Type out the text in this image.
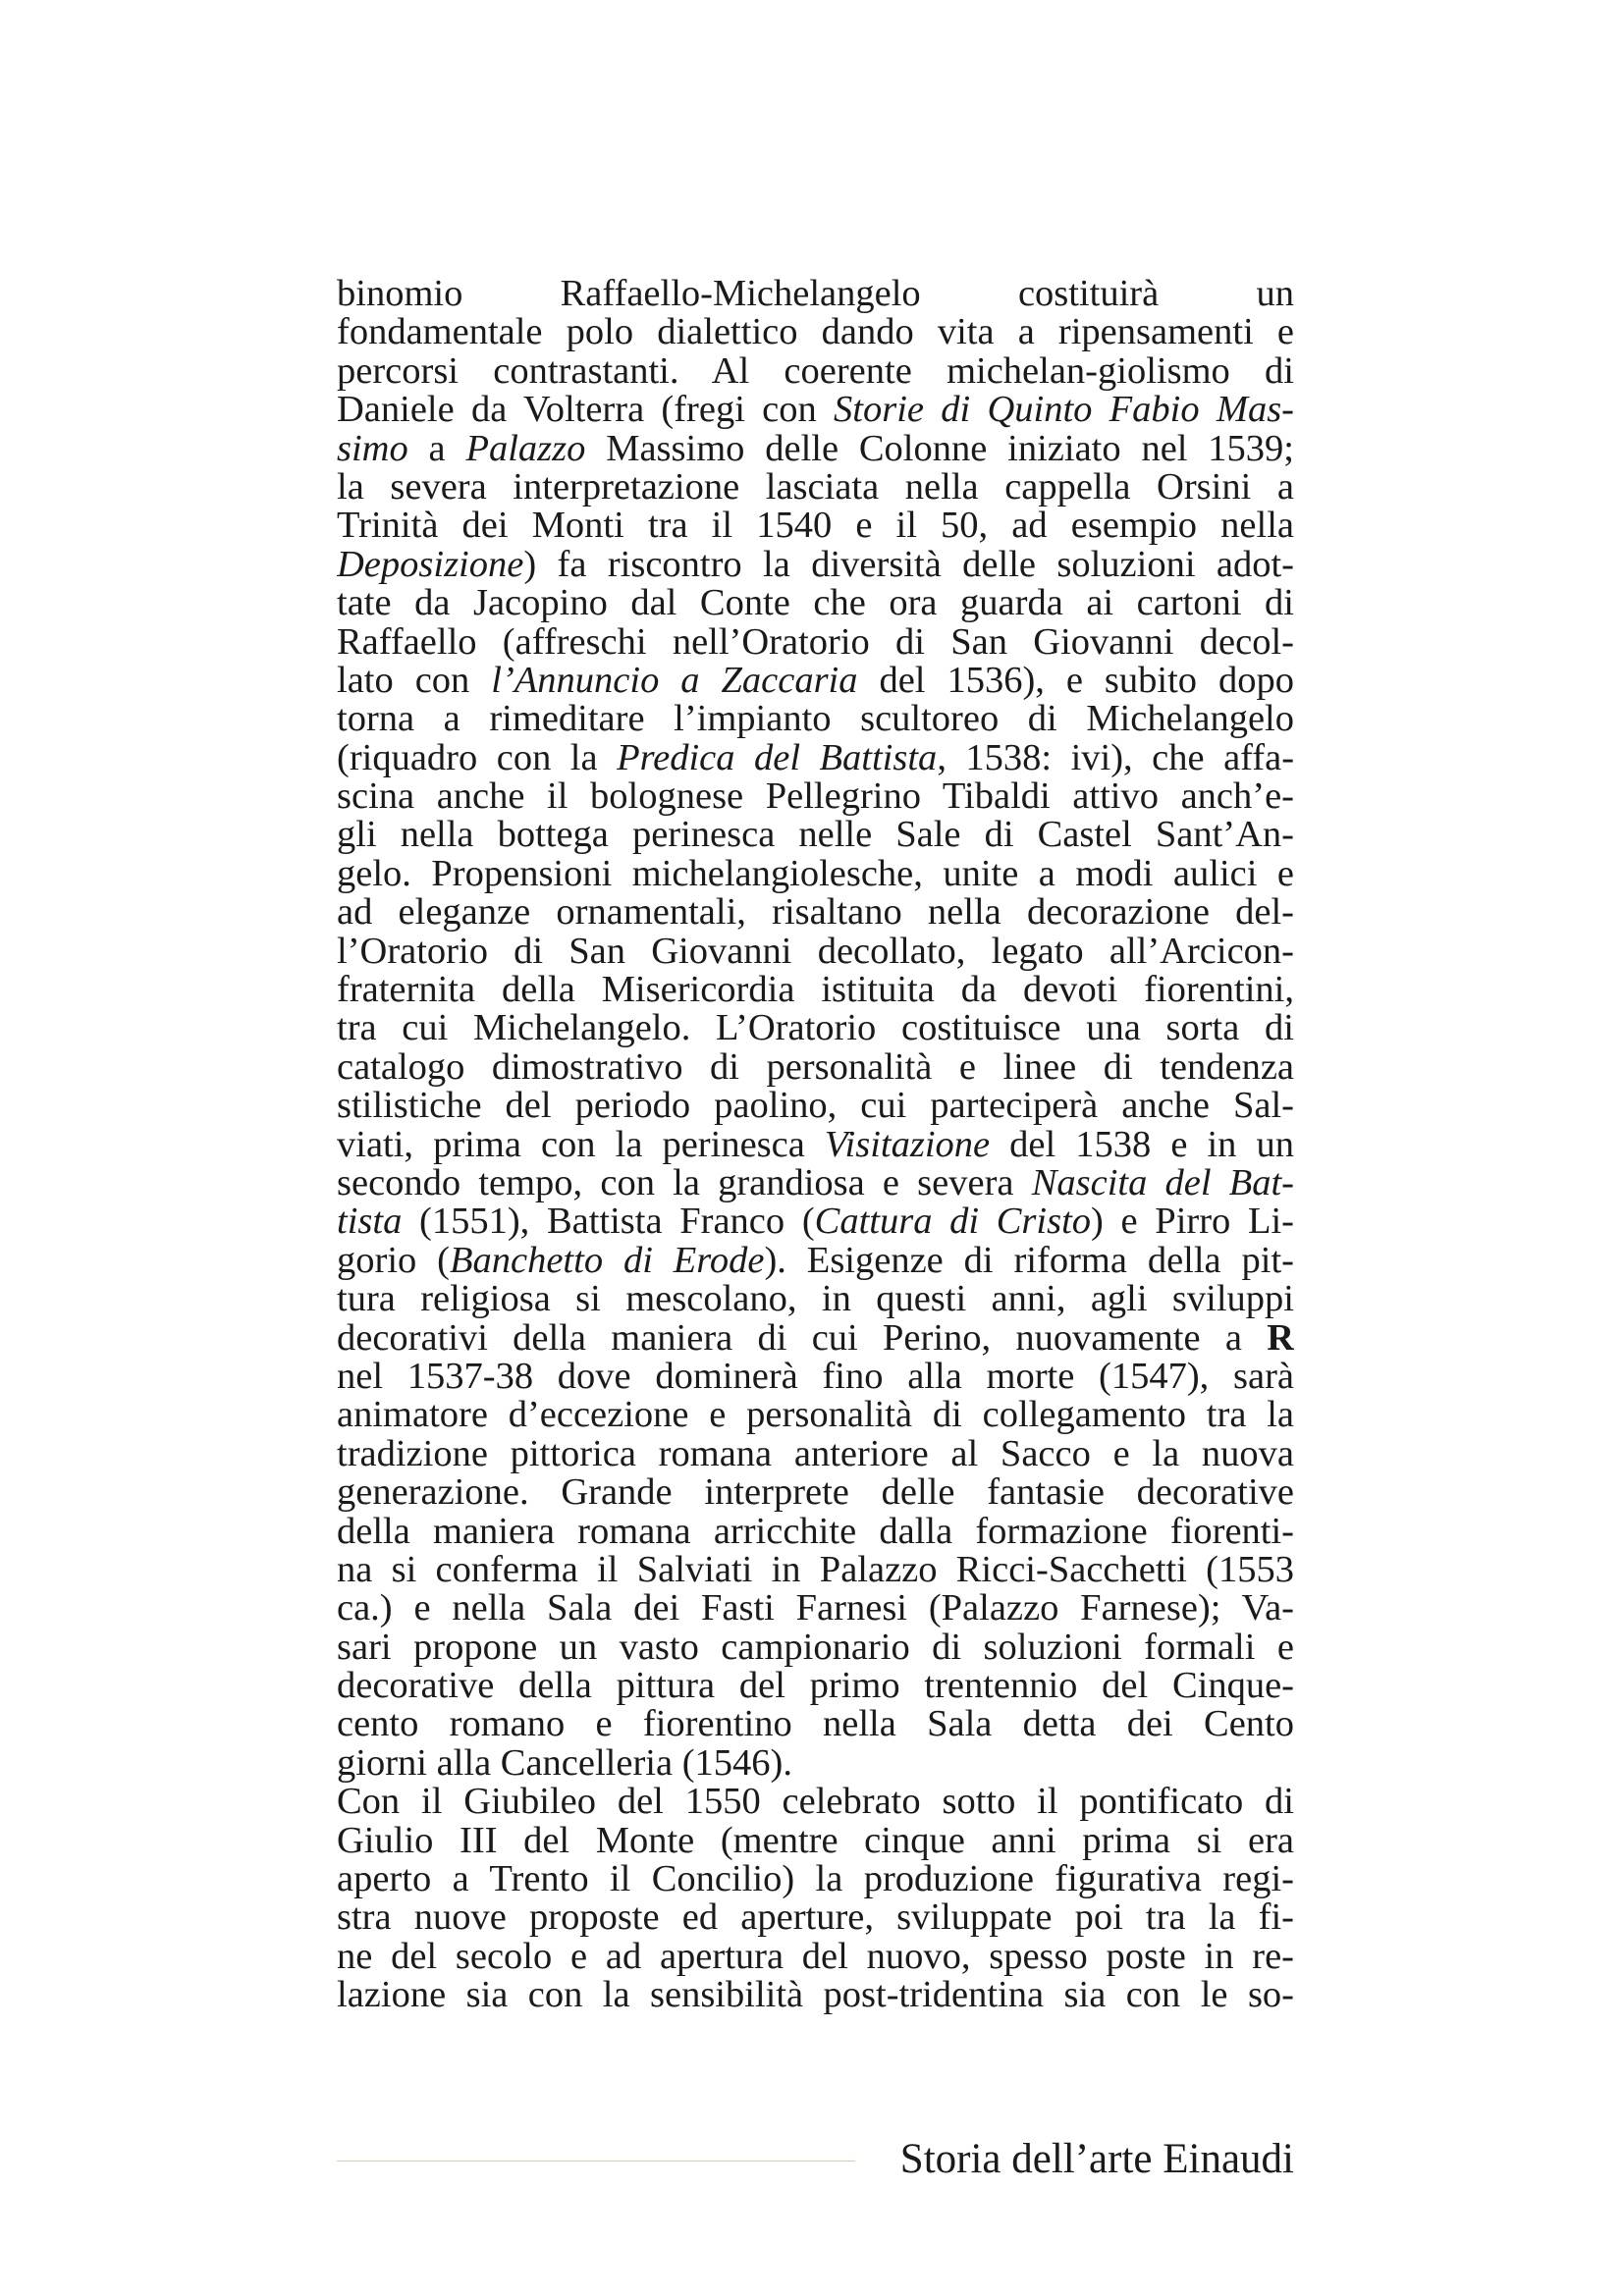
binomio Raffaello-Michelangelo costituirà un
fondamentale polo dialettico dando vita a ripensamenti e
percorsi contrastanti. Al coerente michelan-giolismo di
Daniele da Volterra (fregi con Storie di Quinto Fabio Mas-
simo a Palazzo Massimo delle Colonne iniziato nel 1539;
la severa interpretazione lasciata nella cappella Orsini a
Trinità dei Monti tra il 1540 e il 50, ad esempio nella
Deposizione) fa riscontro la diversità delle soluzioni adot-
tate da Jacopino dal Conte che ora guarda ai cartoni di
Raffaello (affreschi nell’Oratorio di San Giovanni decol-
lato con l’Annuncio a Zaccaria del 1536), e subito dopo
torna a rimeditare l’impianto scultoreo di Michelangelo
(riquadro con la Predica del Battista, 1538: ivi), che affa-
scina anche il bolognese Pellegrino Tibaldi attivo anch’e-
gli nella bottega perinesca nelle Sale di Castel Sant’An-
gelo. Propensioni michelangiolesche, unite a modi aulici e
ad eleganze ornamentali, risaltano nella decorazione del-
l’Oratorio di San Giovanni decollato, legato all’Arcicon-
fraternita della Misericordia istituita da devoti fiorentini,
tra cui Michelangelo. L’Oratorio costituisce una sorta di
catalogo dimostrativo di personalità e linee di tendenza
stilistiche del periodo paolino, cui parteciperà anche Sal-
viati, prima con la perinesca Visitazione del 1538 e in un
secondo tempo, con la grandiosa e severa Nascita del Bat-
tista (1551), Battista Franco (Cattura di Cristo) e Pirro Li-
gorio (Banchetto di Erode). Esigenze di riforma della pit-
tura religiosa si mescolano, in questi anni, agli sviluppi
decorativi della maniera di cui Perino, nuovamente a R
nel 1537-38 dove dominerà fino alla morte (1547), sarà
animatore d’eccezione e personalità di collegamento tra la
tradizione pittorica romana anteriore al Sacco e la nuova
generazione. Grande interprete delle fantasie decorative
della maniera romana arricchite dalla formazione fiorenti-
na si conferma il Salviati in Palazzo Ricci-Sacchetti (1553
ca.) e nella Sala dei Fasti Farnesi (Palazzo Farnese); Va-
sari propone un vasto campionario di soluzioni formali e
decorative della pittura del primo trentennio del Cinque-
cento romano e fiorentino nella Sala detta dei Cento
giorni alla Cancelleria (1546).
Con il Giubileo del 1550 celebrato sotto il pontificato di
Giulio III del Monte (mentre cinque anni prima si era
aperto a Trento il Concilio) la produzione figurativa regi-
stra nuove proposte ed aperture, sviluppate poi tra la fi-
ne del secolo e ad apertura del nuovo, spesso poste in re-
lazione sia con la sensibilità post-tridentina sia con le so-
Storia dell’arte Einaudi
